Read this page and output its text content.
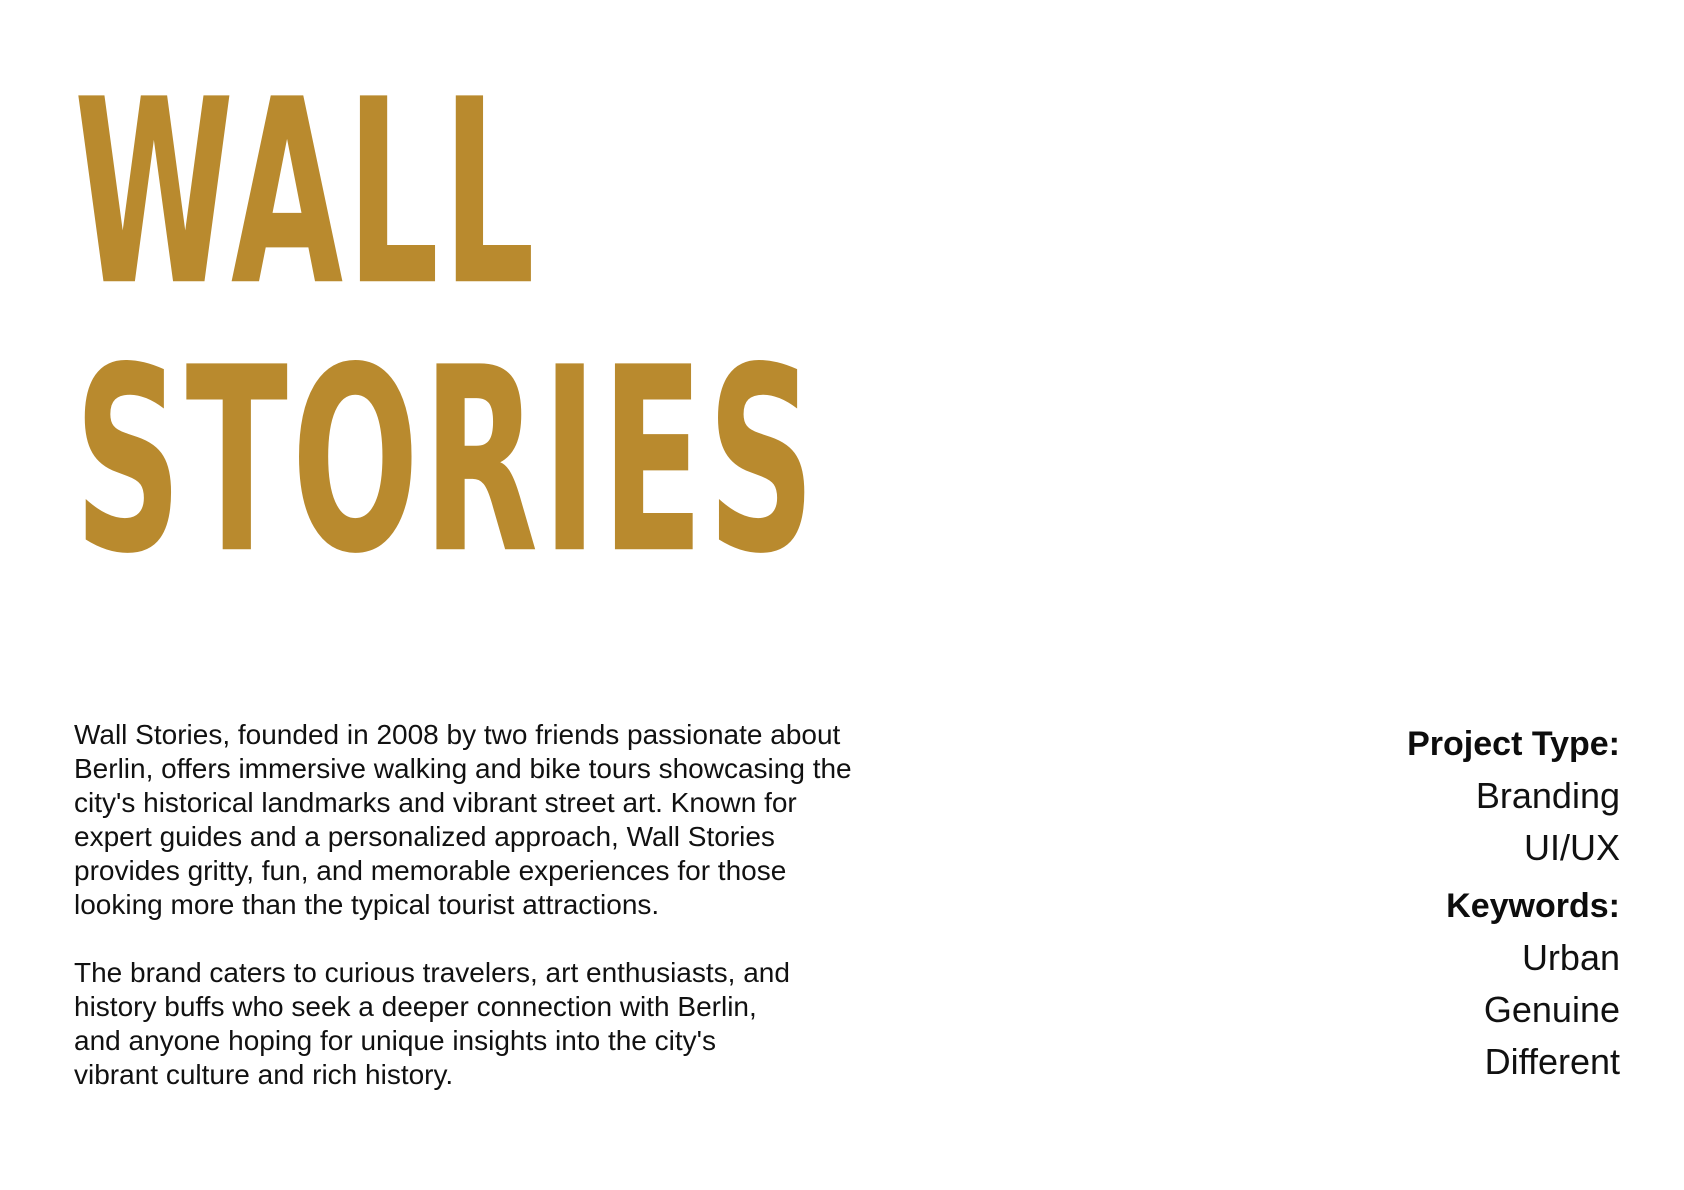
WALL
STORIES

Wall Stories, founded in 2008 by two friends passionate about
Berlin, offers immersive walking and bike tours showcasing the
city's historical landmarks and vibrant street art. Known for
expert guides and a personalized approach, Wall Stories
provides gritty, fun, and memorable experiences for those
looking more than the typical tourist attractions.

The brand caters to curious travelers, art enthusiasts, and
history buffs who seek a deeper connection with Berlin,
and anyone hoping for unique insights into the city's
vibrant culture and rich history.

Project Type:
Branding
UI/UX
Keywords:
Urban
Genuine
Different
